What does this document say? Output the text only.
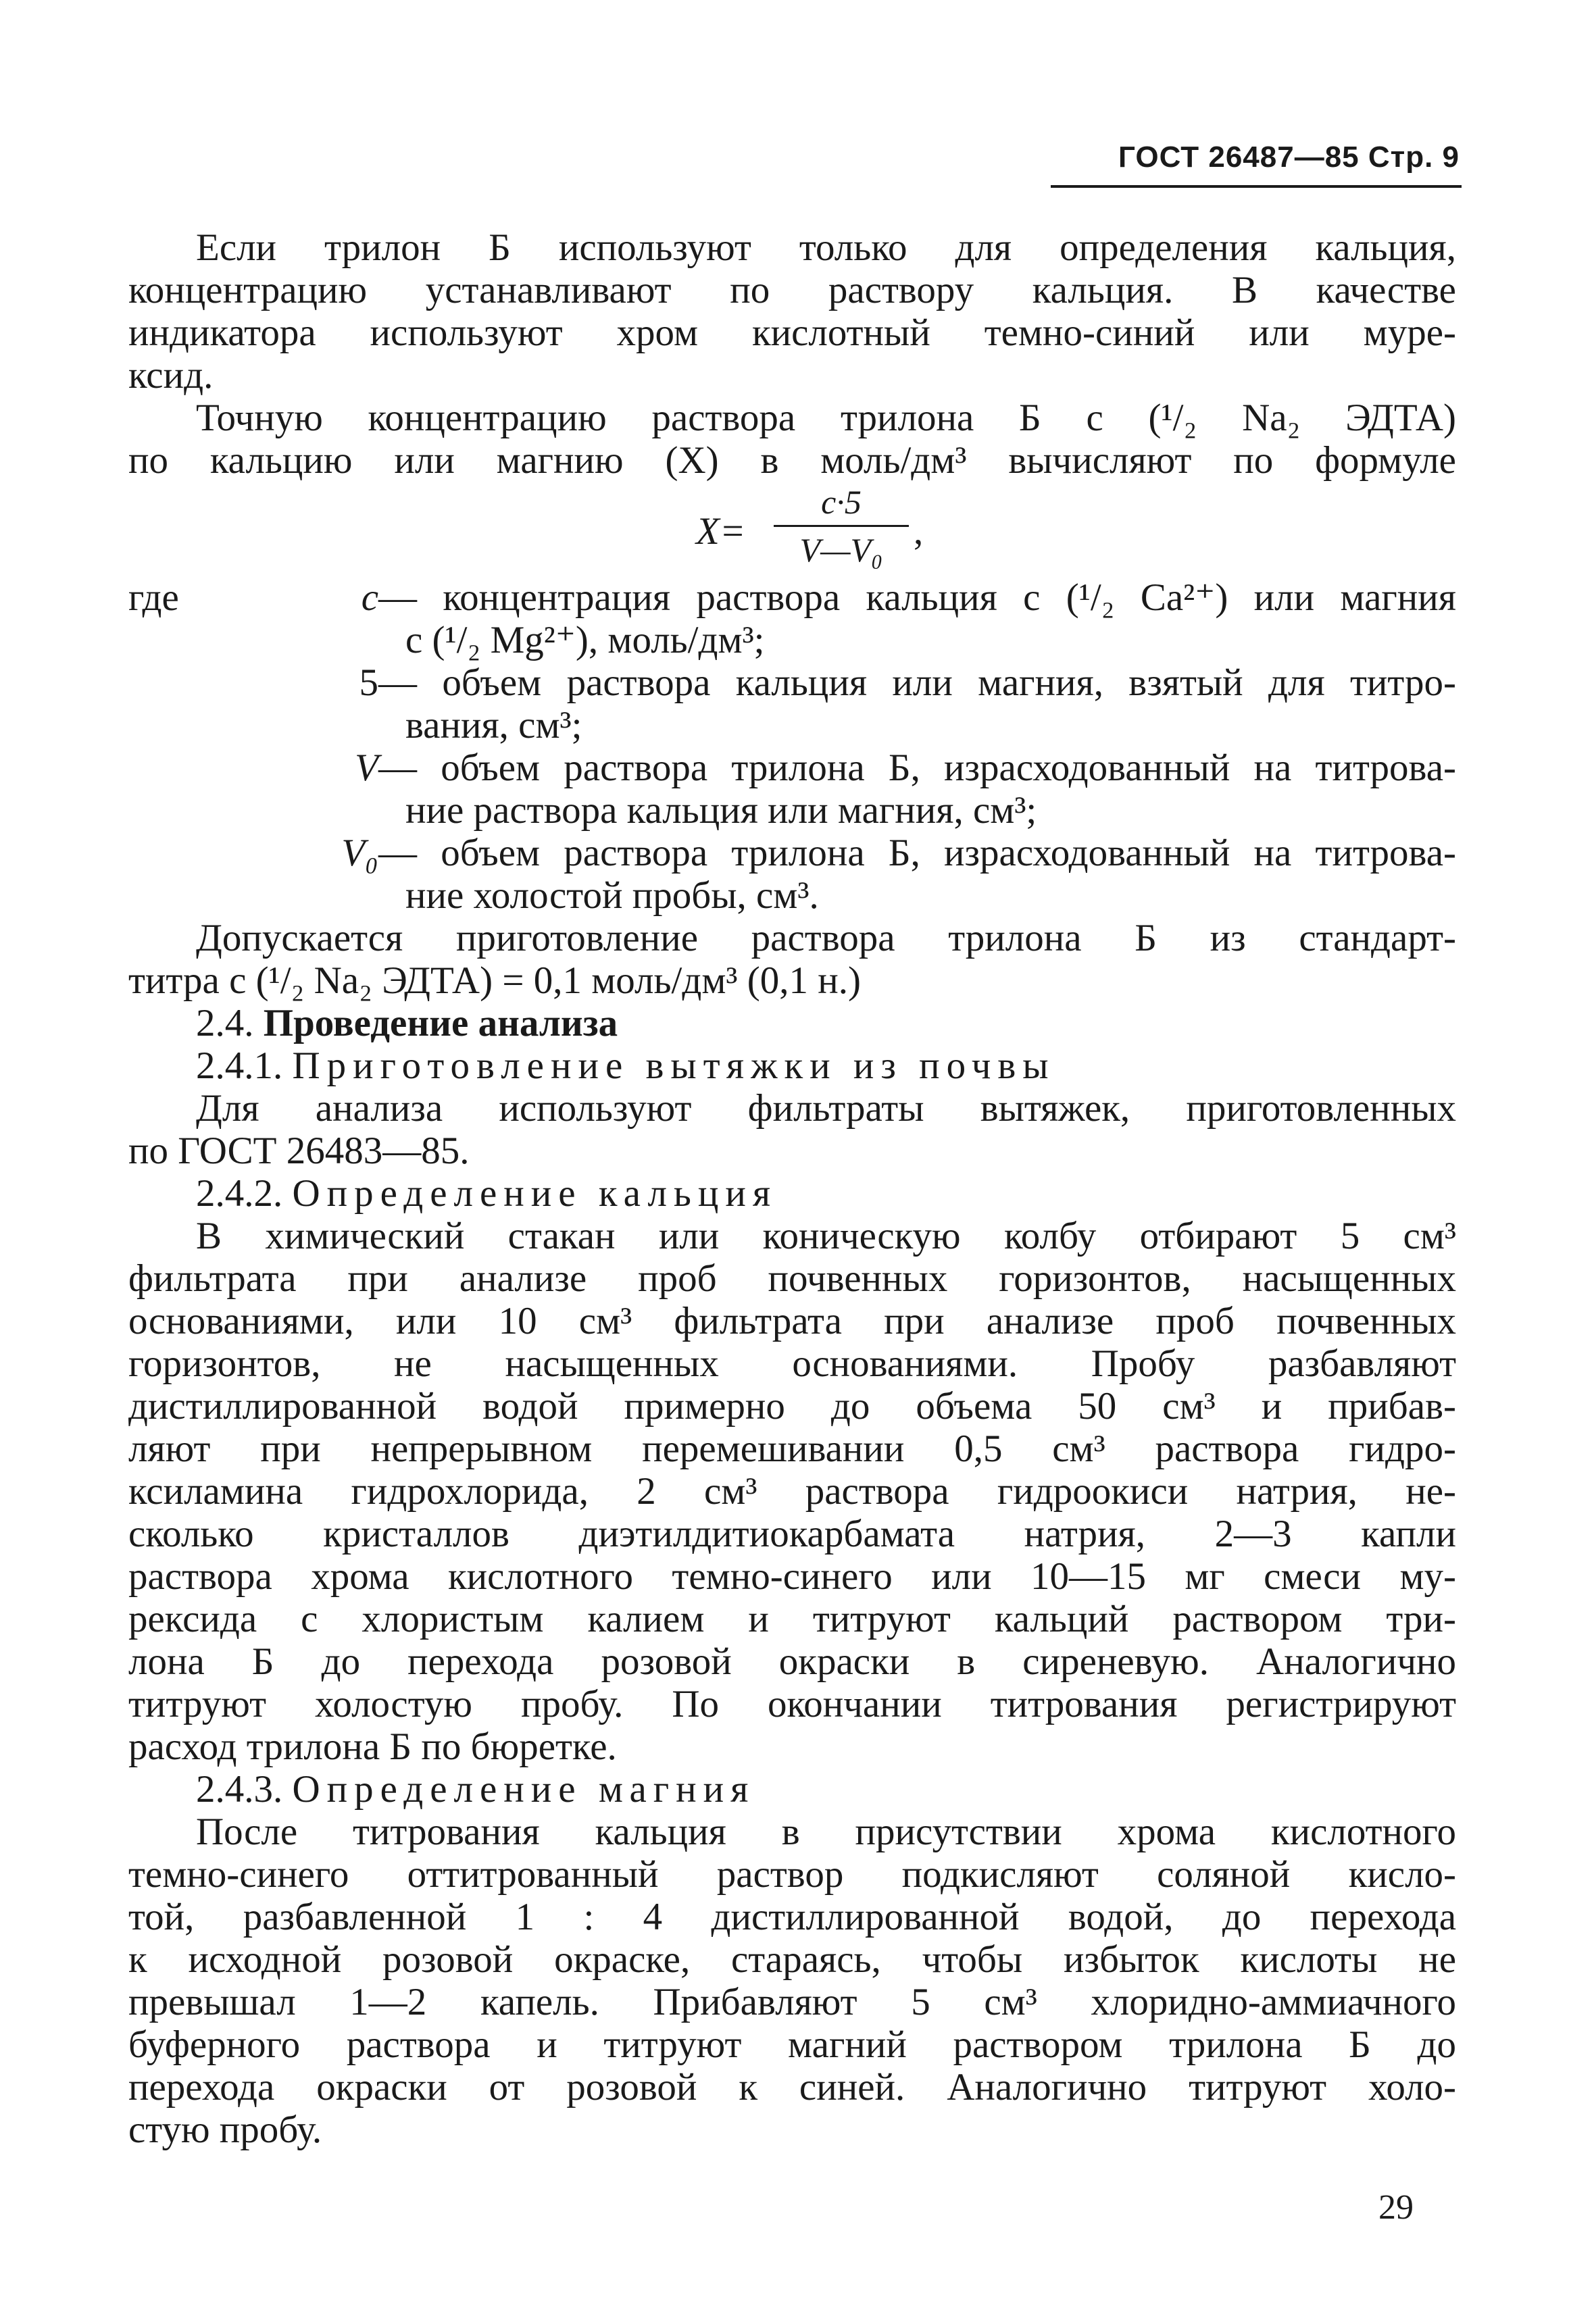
ГОСТ 26487—85 Стр. 9
Если трилон Б используют только для определения кальция,
концентрацию устанавливают по раствору кальция. В качестве
индикатора используют хром кислотный темно-синий или муре-
ксид.
Точную концентрацию раствора трилона Б с (¹/₂ Na₂ ЭДТА)
по кальцию или магнию (X) в моль/дм³ вычисляют по формуле
X=
c·5
V—V₀ ,
где	c — концентрация раствора кальция с (¹/₂ Ca²⁺) или магния
с (¹/₂ Mg²⁺), моль/дм³;
5 — объем раствора кальция или магния, взятый для титро-
вания, см³;
V — объем раствора трилона Б, израсходованный на титрова-
ние раствора кальция или магния, см³;
V₀ — объем раствора трилона Б, израсходованный на титрова-
ние холостой пробы, см³.
Допускается приготовление раствора трилона Б из стандарт-
титра с (¹/₂ Na₂ ЭДТА) = 0,1 моль/дм³ (0,1 н.)
2.4. Проведение анализа
2.4.1. Приготовление вытяжки из почвы
Для анализа используют фильтраты вытяжек, приготовленных
по ГОСТ 26483—85.
2.4.2. Определение кальция
В химический стакан или коническую колбу отбирают 5 см³
фильтрата при анализе проб почвенных горизонтов, насыщенных
основаниями, или 10 см³ фильтрата при анализе проб почвенных
горизонтов, не насыщенных основаниями. Пробу разбавляют
дистиллированной водой примерно до объема 50 см³ и прибав-
ляют при непрерывном перемешивании 0,5 см³ раствора гидро-
ксиламина гидрохлорида, 2 см³ раствора гидроокиси натрия, не-
сколько кристаллов диэтилдитиокарбамата натрия, 2—3 капли
раствора хрома кислотного темно-синего или 10—15 мг смеси му-
рексида с хлористым калием и титруют кальций раствором три-
лона Б до перехода розовой окраски в сиреневую. Аналогично
титруют холостую пробу. По окончании титрования регистрируют
расход трилона Б по бюретке.
2.4.3. Определение магния
После титрования кальция в присутствии хрома кислотного
темно-синего оттитрованный раствор подкисляют соляной кисло-
той, разбавленной 1 : 4 дистиллированной водой, до перехода
к исходной розовой окраске, стараясь, чтобы избыток кислоты не
превышал 1—2 капель. Прибавляют 5 см³ хлоридно-аммиачного
буферного раствора и титруют магний раствором трилона Б до
перехода окраски от розовой к синей. Аналогично титруют холо-
стую пробу.
29
